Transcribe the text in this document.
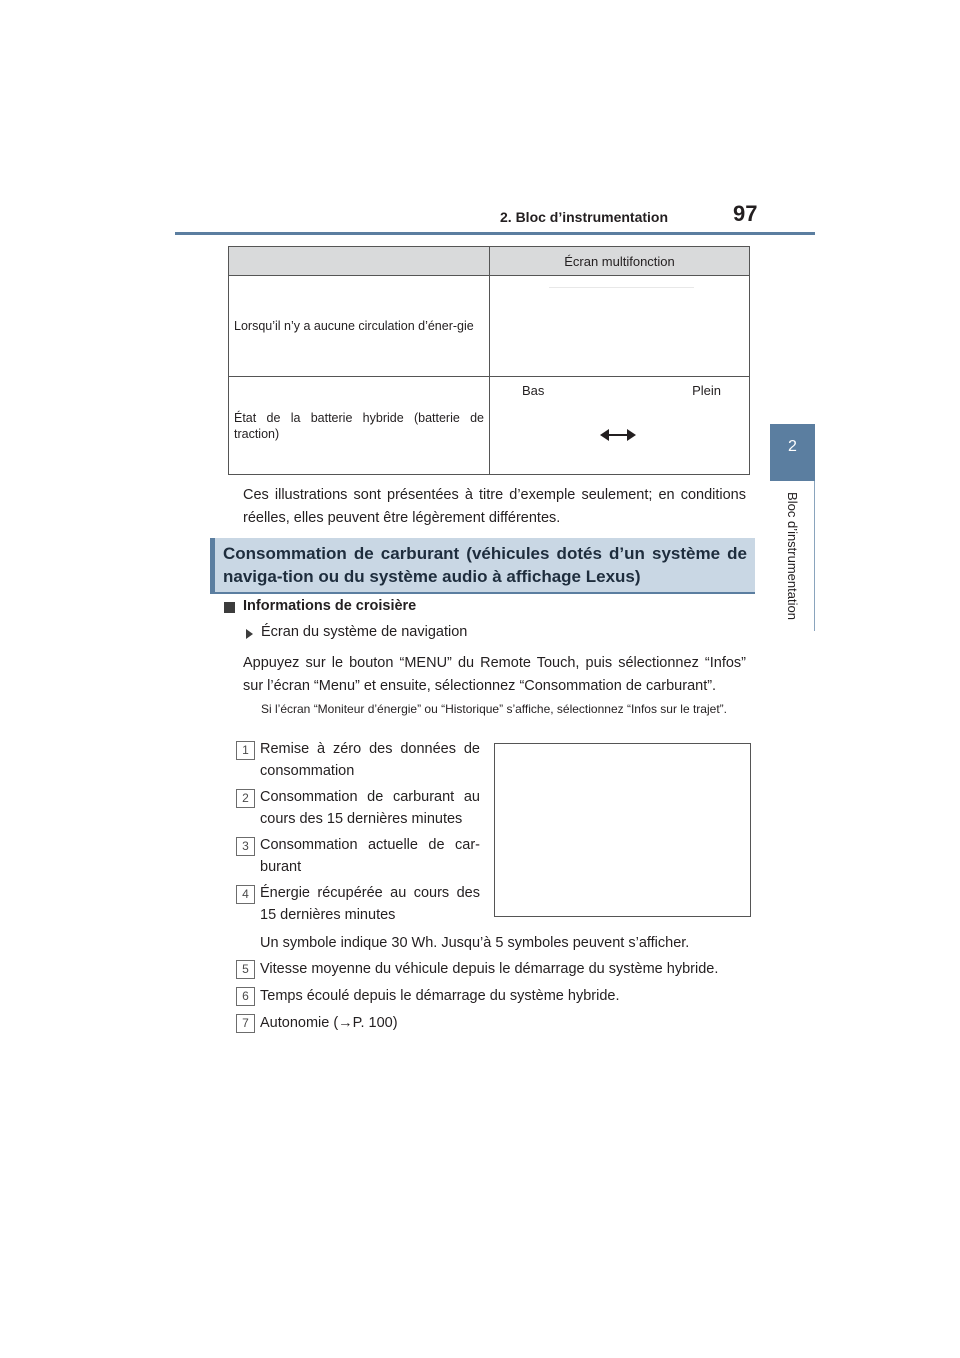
2. Bloc d’instrumentation	97
2
Bloc d’instrumentation
	Écran multifonction
Lorsqu’il n’y a aucune circulation d’éner-gie	
État de la batterie hybride (batterie de traction)	Bas Plein
Ces illustrations sont présentées à titre d’exemple seulement; en conditions réelles, elles peuvent être légèrement différentes.
Consommation de carburant (véhicules dotés d’un système de naviga-tion ou du système audio à affichage Lexus)
Informations de croisière
Écran du système de navigation
Appuyez sur le bouton “MENU” du Remote Touch, puis sélectionnez “Infos” sur l’écran “Menu” et ensuite, sélectionnez “Consommation de carburant”.
Si l’écran “Moniteur d’énergie” ou “Historique” s’affiche, sélectionnez “Infos sur le trajet”.
1 Remise à zéro des données de consommation
2 Consommation de carburant au cours des 15 dernières minutes
3 Consommation actuelle de car-burant
4 Énergie récupérée au cours des 15 dernières minutes
Un symbole indique 30 Wh. Jusqu’à 5 symboles peuvent s’afficher.
5 Vitesse moyenne du véhicule depuis le démarrage du système hybride.
6 Temps écoulé depuis le démarrage du système hybride.
7 Autonomie (→P. 100)
